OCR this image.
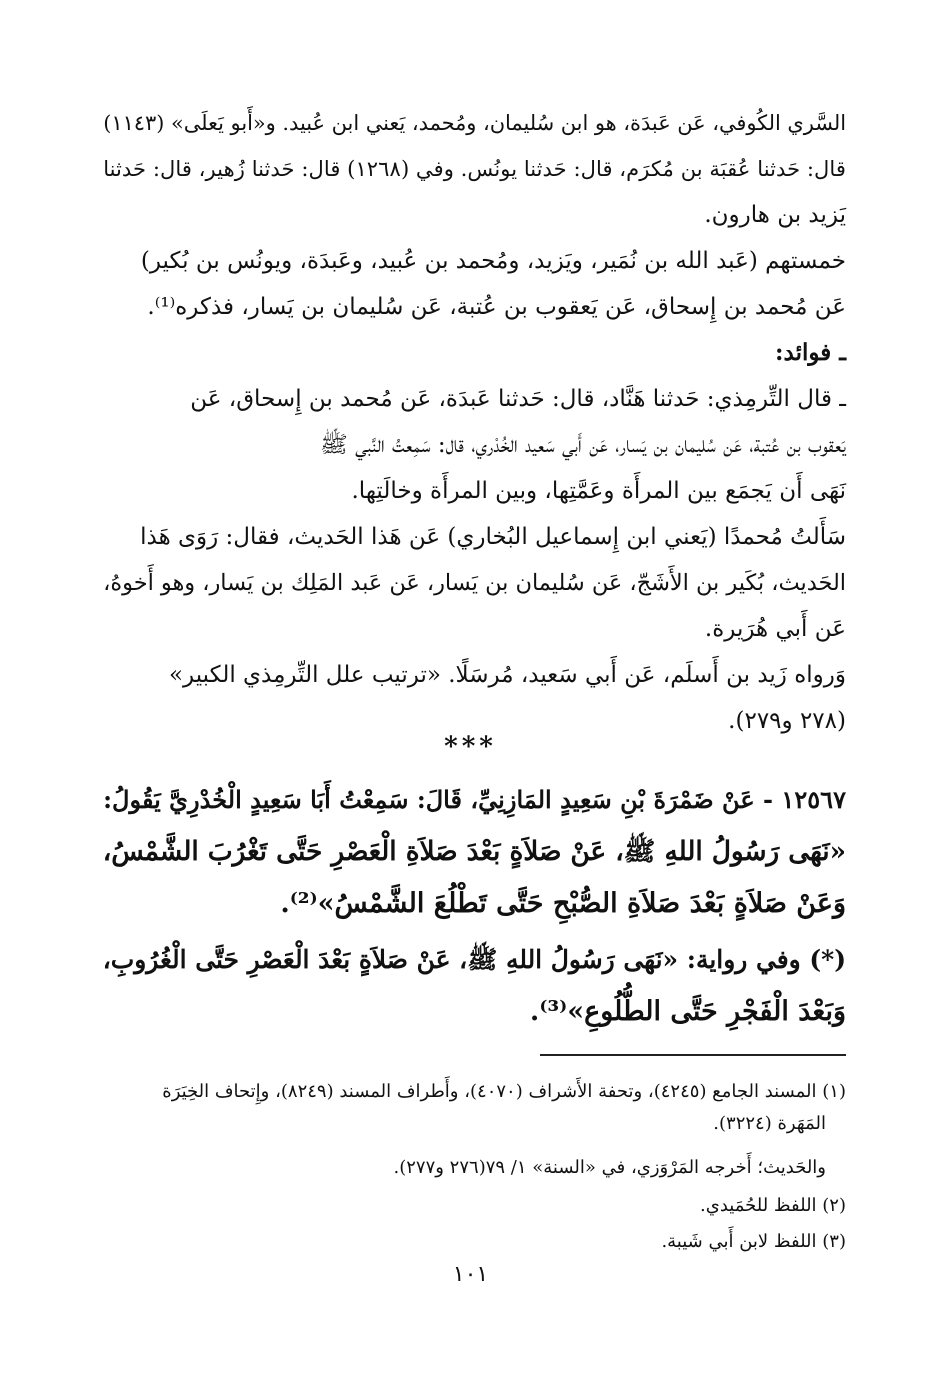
السَّري الكُوفي، عَن عَبدَة، هو ابن سُليمان، ومُحمد، يَعني ابن عُبيد. و«أَبو يَعلَى» (١١٤٣)
قال: حَدثنا عُقبَة بن مُكرَم، قال: حَدثنا يونُس. وفي (١٢٦٨) قال: حَدثنا زُهير، قال: حَدثنا
يَزيد بن هارون.

خمستهم (عَبد الله بن نُمَير، ويَزيد، ومُحمد بن عُبيد، وعَبدَة، ويونُس بن بُكير)
عَن مُحمد بن إِسحاق، عَن يَعقوب بن عُتبة، عَن سُليمان بن يَسار، فذكره⁽¹⁾.

ـ فوائد:

ـ قال التِّرمِذي: حَدثنا هَنَّاد، قال: حَدثنا عَبدَة، عَن مُحمد بن إِسحاق، عَن
يَعقوب بن عُتبة، عَن سُليمان بن يَسار، عَن أَبي سَعيد الخُدْري، قال: سَمِعتُ النَّبي ﷺ
نَهَى أَن يَجمَع بين المرأَة وعَمَّتِها، وبين المرأَة وخالَتِها.

سَأَلتُ مُحمدًا (يَعني ابن إِسماعيل البُخاري) عَن هَذا الحَديث، فقال: رَوَى هَذا
الحَديث، بُكَير بن الأَشَجّ، عَن سُليمان بن يَسار، عَن عَبد المَلِك بن يَسار، وهو أَخوهُ،
عَن أَبي هُرَيرة.

وَرواه زَيد بن أَسلَم، عَن أَبي سَعيد، مُرسَلًا. «ترتيب علل التِّرمِذي الكبير»
(٢٧٨ و٢٧٩).

***

١٢٥٦٧ - عَنْ ضَمْرَةَ بْنِ سَعِيدٍ المَازِنِيِّ، قَالَ: سَمِعْتُ أَبَا سَعِيدٍ الْخُدْرِيَّ يَقُولُ:
«نَهَى رَسُولُ اللهِ ﷺ، عَنْ صَلاَةٍ بَعْدَ صَلاَةِ الْعَصْرِ حَتَّى تَغْرُبَ الشَّمْسُ،
وَعَنْ صَلاَةٍ بَعْدَ صَلاَةِ الصُّبْحِ حَتَّى تَطْلُعَ الشَّمْسُ»⁽²⁾.

(*) وفي رواية: «نَهَى رَسُولُ اللهِ ﷺ، عَنْ صَلاَةٍ بَعْدَ الْعَصْرِ حَتَّى الْغُرُوبِ،
وَبَعْدَ الْفَجْرِ حَتَّى الطُّلُوعِ»⁽³⁾.

(١) المسند الجامع (٤٢٤٥)، وتحفة الأَشراف (٤٠٧٠)، وأَطراف المسند (٨٢٤٩)، وإِتحاف الخِيَرَة
المَهَرة (٣٢٢٤).

والحَديث؛ أَخرجه المَرْوَزي، في «السنة» ١/ ٧٩(٢٧٦ و٢٧٧).

(٢) اللفظ للحُمَيدي.

(٣) اللفظ لابن أَبي شَيبة.

١٠١
